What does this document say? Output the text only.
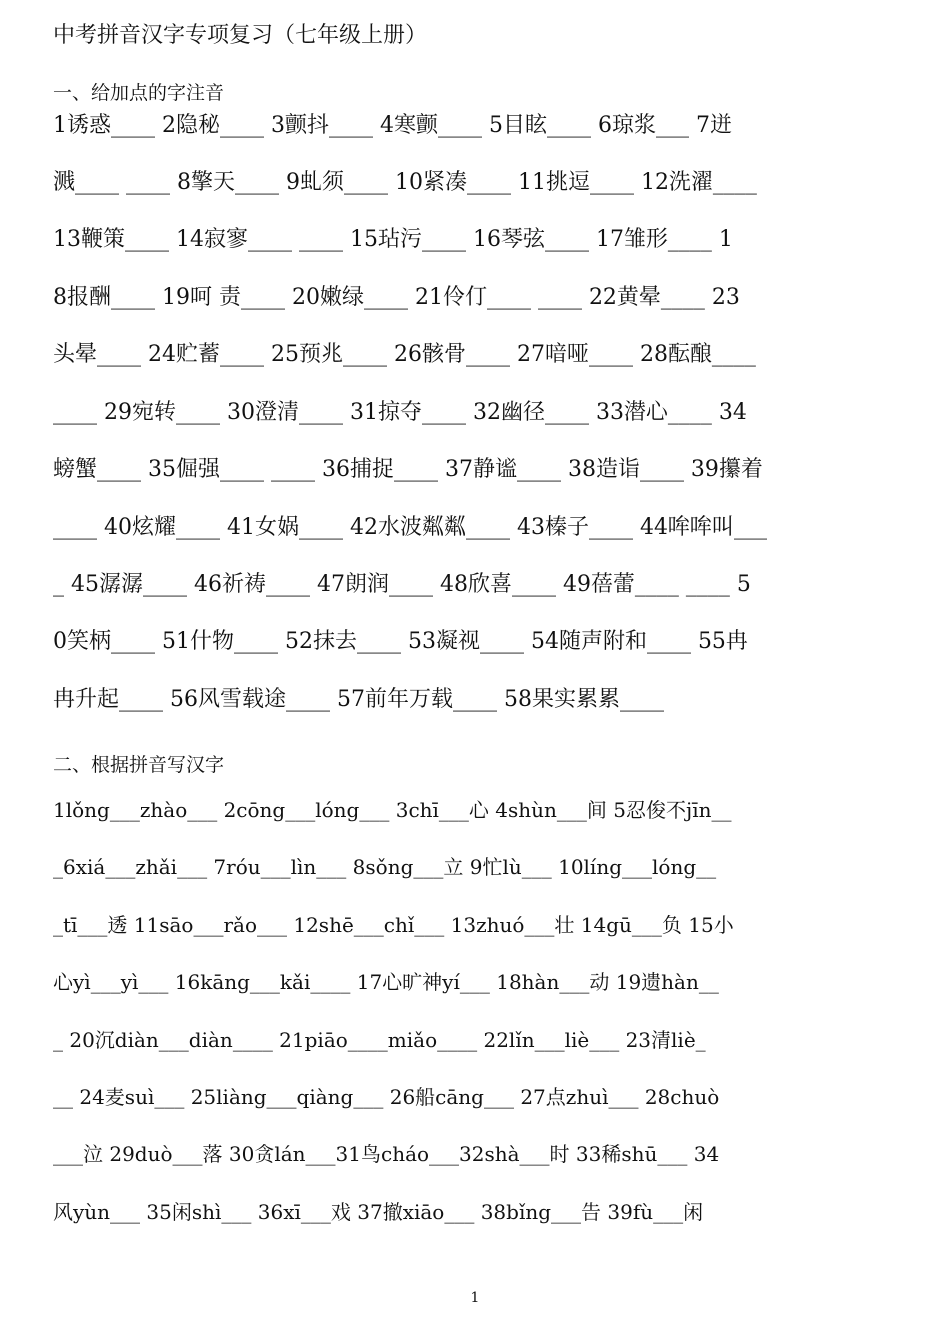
中考拼音汉字专项复习（七年级上册）
一、给加点的字注音
1诱惑____ 2隐秘____ 3颤抖____ 4寒颤____ 5目眩____ 6琼浆___ 7迸
溅____ ____ 8擎天____ 9虬须____ 10紧凑____ 11挑逗____ 12洗濯____
13鞭策____ 14寂寥____ ____ 15玷污____ 16琴弦____ 17雏形____ 1
8报酬____ 19呵 责____ 20嫩绿____ 21伶仃____ ____ 22黄晕____ 23
头晕____ 24贮蓄____ 25预兆____ 26骸骨____ 27喑哑____ 28酝酿____
____ 29宛转____ 30澄清____ 31掠夺____ 32幽径____ 33潜心____ 34
螃蟹____ 35倔强____ ____ 36捕捉____ 37静谧____ 38造诣____ 39攥着
____ 40炫耀____ 41女娲____ 42水波粼粼____ 43榛子____ 44哞哞叫___
_ 45潺潺____ 46祈祷____ 47朗润____ 48欣喜____ 49蓓蕾____ ____ 5
0笑柄____ 51什物____ 52抹去____ 53凝视____ 54随声附和____ 55冉
冉升起____ 56风雪载途____ 57前年万载____ 58果实累累____
二、根据拼音写汉字
1lǒng___zhào___ 2cōng___lóng___ 3chī___心 4shùn___间 5忍俊不jīn__
_6xiá___zhǎi___ 7róu___lìn___ 8sǒng___立 9忙lù___ 10líng___lóng__
_tī___透 11sāo___rǎo___ 12shē___chǐ___ 13zhuó___壮 14gū___负 15小
心yì___yì___ 16kāng___kǎi____ 17心旷神yí___ 18hàn___动 19遗hàn__
_ 20沉diàn___diàn____ 21piāo____miǎo____ 22lǐn___liè___ 23清liè_
__ 24麦suì___ 25liàng___qiàng___ 26船cāng___ 27点zhuì___ 28chuò
___泣 29duò___落 30贪lán___31鸟cháo___32shà___时 33稀shū___ 34
风yùn___ 35闲shì___ 36xī___戏 37撤xiāo___ 38bǐng___告 39fù___闲
1
